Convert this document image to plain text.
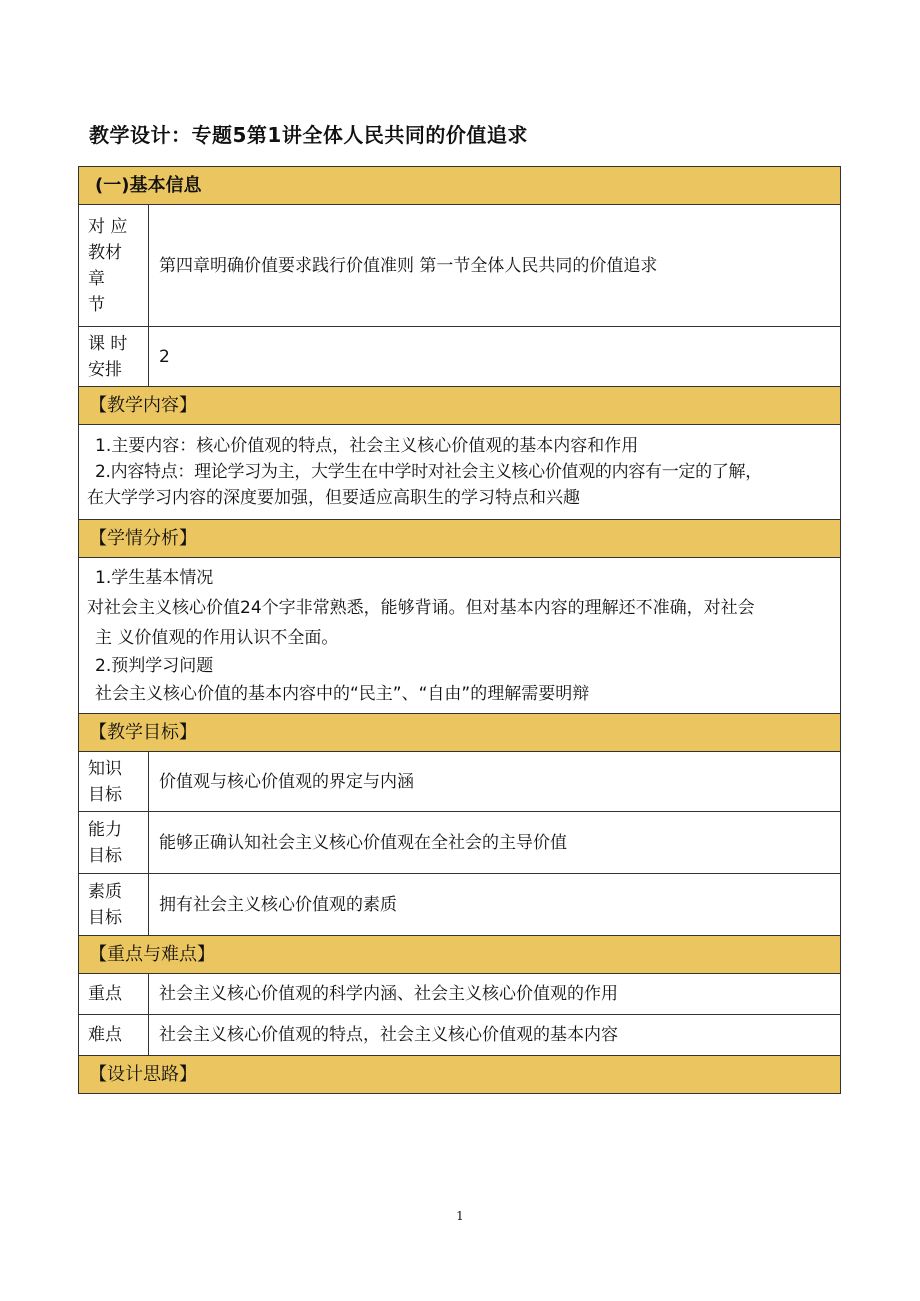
教学设计：专题5第1讲全体人民共同的价值追求
(一)基本信息	

对 应
教材
章
节	第四章明确价值要求践行价值准则 第一节全体人民共同的价值追求

课 时
安排	2
【教学内容】	

1.主要内容：核心价值观的特点，社会主义核心价值观的基本内容和作用

2.内容特点：理论学习为主，大学生在中学时对社会主义核心价值观的内容有一定的了解，

在大学学习内容的深度要加强，但要适应高职生的学习特点和兴趣	

【学情分析】	

1.学生基本情况

对社会主义核心价值24个字非常熟悉，能够背诵。但对基本内容的理解还不准确，对社会

主 义价值观的作用认识不全面。

2.预判学习问题

社会主义核心价值的基本内容中的“民主”、“自由”的理解需要明辩	

【教学目标】	

知识
目标	价值观与核心价值观的界定与内涵

能力
目标	能够正确认知社会主义核心价值观在全社会的主导价值

素质
目标	拥有社会主义核心价值观的素质
【重点与难点】	
重点	社会主义核心价值观的科学内涵、社会主义核心价值观的作用
难点	社会主义核心价值观的特点，社会主义核心价值观的基本内容
【设计思路】	
1
